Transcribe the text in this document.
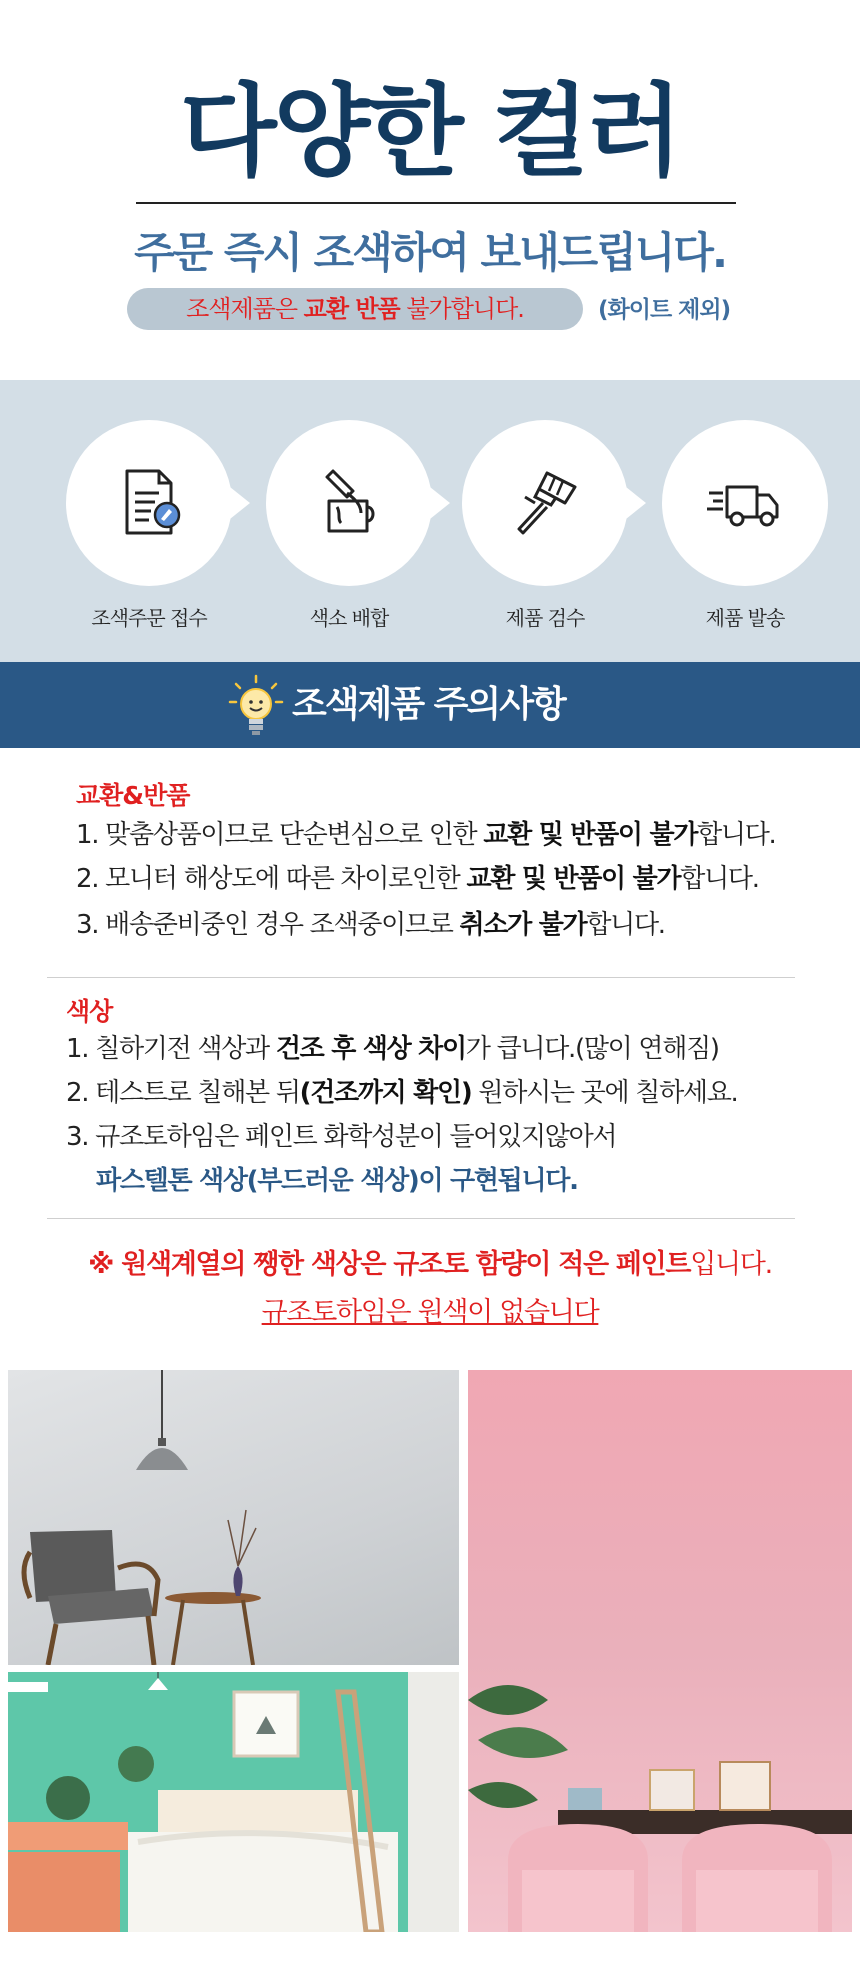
다양한 컬러
주문 즉시 조색하여 보내드립니다.
조색제품은 교환 반품 불가합니다.	(화이트 제외)
조색주문 접수	색소 배합	제품 검수	제품 발송
조색제품 주의사항
교환&반품
1. 맞춤상품이므로 단순변심으로 인한 교환 및 반품이 불가합니다.
2. 모니터 해상도에 따른 차이로인한 교환 및 반품이 불가합니다.
3. 배송준비중인 경우 조색중이므로 취소가 불가합니다.
색상
1. 칠하기전 색상과 건조 후 색상 차이가 큽니다.(많이 연해짐)
2. 테스트로 칠해본 뒤(건조까지 확인) 원하시는 곳에 칠하세요.
3. 규조토하임은 페인트 화학성분이 들어있지않아서
파스텔톤 색상(부드러운 색상)이 구현됩니다.
※ 원색계열의 쨍한 색상은 규조토 함량이 적은 페인트입니다.
규조토하임은 원색이 없습니다
